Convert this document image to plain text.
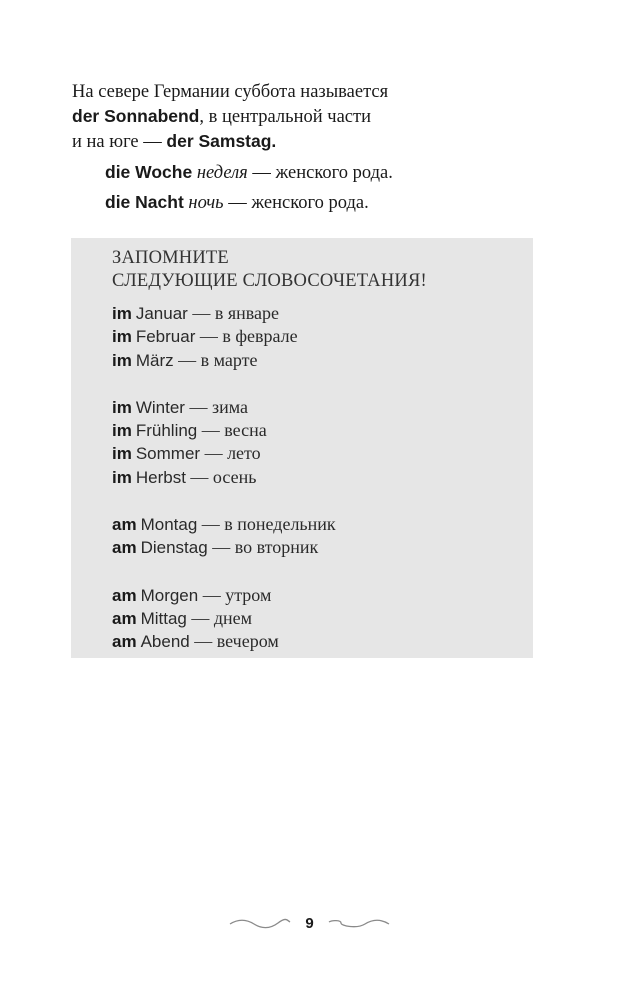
На севере Германии суббота называется
der Sonnabend, в центральной части
и на юге — der Samstag.
die Woche неделя — женского рода.
die Nacht ночь — женского рода.
ЗАПОМНИТЕ
СЛЕДУЮЩИЕ СЛОВОСОЧЕТАНИЯ!
im Januar — в январе
im Februar — в феврале
im März — в марте
im Winter — зима
im Frühling — весна
im Sommer — лето
im Herbst — осень
am Montag — в понедельник
am Dienstag — во вторник
am Morgen — утром
am Mittag — днем
am Abend — вечером
9
